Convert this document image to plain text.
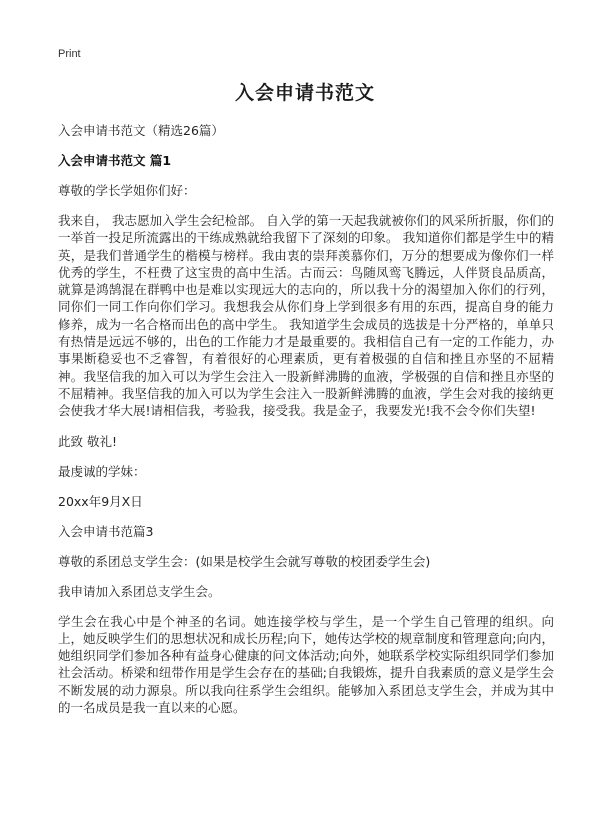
Print
入会申请书范文

入会申请书范文（精选26篇）

入会申请书范文 篇1

尊敬的学长学姐你们好：

我来自， 我志愿加入学生会纪检部。 自入学的第一天起我就被你们的风采所折服，你们的一举首一投足所流露出的干练成熟就给我留下了深刻的印象。 我知道你们都是学生中的精英，是我们普通学生的楷模与榜样。我由衷的崇拜羡慕你们，万分的想要成为像你们一样优秀的学生，不枉费了这宝贵的高中生活。古而云：鸟随凤鸾飞腾远，人伴贤良品质高，就算是鸿鹄混在群鸭中也是难以实现远大的志向的，所以我十分的渴望加入你们的行列，同你们一同工作向你们学习。我想我会从你们身上学到很多有用的东西，提高自身的能力修养，成为一名合格而出色的高中学生。 我知道学生会成员的选拔是十分严格的，单单只有热情是远远不够的，出色的工作能力才是最重要的。我相信自己有一定的工作能力，办事果断稳妥也不乏睿智，有着很好的心理素质，更有着极强的自信和挫且亦坚的不屈精神。我坚信我的加入可以为学生会注入一股新鲜沸腾的血液，学极强的自信和挫且亦坚的不屈精神。我坚信我的加入可以为学生会注入一股新鲜沸腾的血液，学生会对我的接纳更会使我才华大展!请相信我，考验我，接受我。我是金子，我要发光!我不会令你们失望!

此致 敬礼!

最虔诚的学妹：

20xx年9月X日

入会申请书范篇3

尊敬的系团总支学生会：(如果是校学生会就写尊敬的校团委学生会)

我申请加入系团总支学生会。

学生会在我心中是个神圣的名词。她连接学校与学生，是一个学生自己管理的组织。向上，她反映学生们的思想状况和成长历程;向下，她传达学校的规章制度和管理意向;向内，她组织同学们参加各种有益身心健康的问文体活动;向外，她联系学校实际组织同学们参加 社会活动。桥梁和纽带作用是学生会存在的基础;自我锻炼，提升自我素质的意义是学生会不断发展的动力源泉。所以我向往系学生会组织。能够加入系团总支学生会，并成为其中的一名成员是我一直以来的心愿。
